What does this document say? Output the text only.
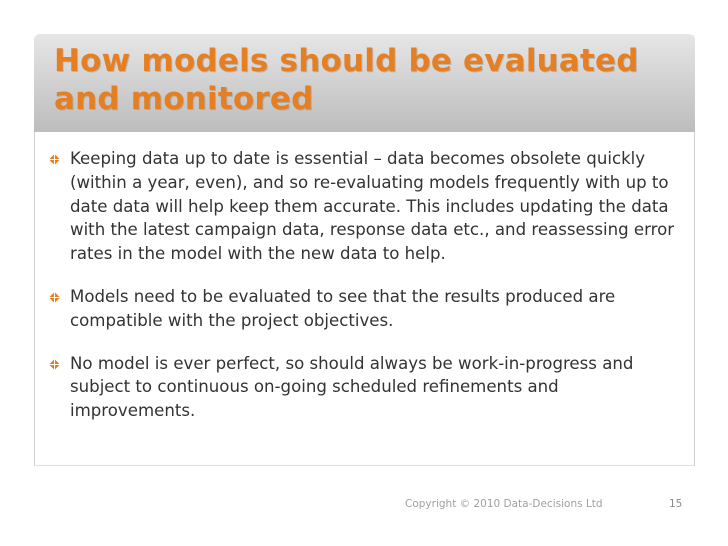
How models should be evaluated and monitored
Keeping data up to date is essential – data becomes obsolete quickly (within a year, even), and so re-evaluating models frequently with up to date data will help keep them accurate. This includes updating the data with the latest campaign data, response data etc., and reassessing error rates in the model with the new data to help.
Models need to be evaluated to see that the results produced are compatible with the project objectives.
No model is ever perfect, so should always be work-in-progress and subject to continuous on-going scheduled refinements and improvements.
Copyright © 2010 Data-Decisions Ltd	15
